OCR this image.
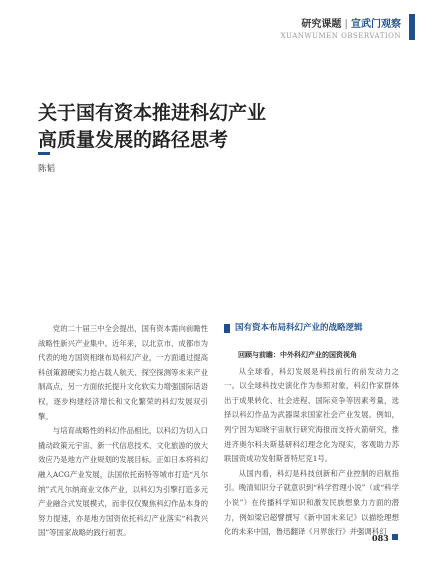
研究课题 | 宣武门观察
XUANWUMEN OBSERVATION
关于国有资本推进科幻产业
高质量发展的路径思考
陈韬

党的二十届三中全会提出，国有资本需向前瞻性战略性新兴产业集中。近年来，以北京市、成都市为代表的地方国资相继布局科幻产业，一方面通过提高科创策源硬实力抢占载人航天、探空探测等未来产业制高点，另一方面依托提升文化软实力增强国际话语权，逐步构建经济增长和文化繁荣的科幻发展双引擎。

与培育战略性的科幻作品相比，以科幻为切入口撬动政策元宇宙、新一代信息技术、文化旅游的放大效应乃是地方产业规划的发展目标。正如日本将科幻融入ACG产业发展，法国依托南特等城市打造“凡尔纳”式凡尔纳商业文体产业，以科幻为引擎打造多元产业融合式发展模式，而非仅仅聚焦科幻作品本身的努力提速，亦是地方国资依托科幻产业落实“科教兴国”等国家战略的践行初衷。

国有资本布局科幻产业的战略逻辑
回顾与前瞻：中外科幻产业的国资视角

从全球看，科幻发展是科技前行的前发动力之一。以全球科技史演化作为参照对象，科幻作家群体出于成果转化、社会进程、国际竞争等因素考量，选择以科幻作品为武器谋求国家社会产业发展。例如，列宁因为知晓宇宙航行研究海报而支持火箭研究，推进齐奥尔科夫斯基研科幻理念化为现实，客观助力苏联国资成功发射斯普特尼克1号。

从国内看，科幻是科技创新和产业控制的启航指引。晚清知识分子就意识到“科学哲理小说”（或“科学小说”）在传播科学知识和激发民族想象力方面的潜力，例如梁启超譬撰写《新中国未来记》以描绘理想化的未来中国，鲁迅翻译《月界旅行》并强调科幻

083
